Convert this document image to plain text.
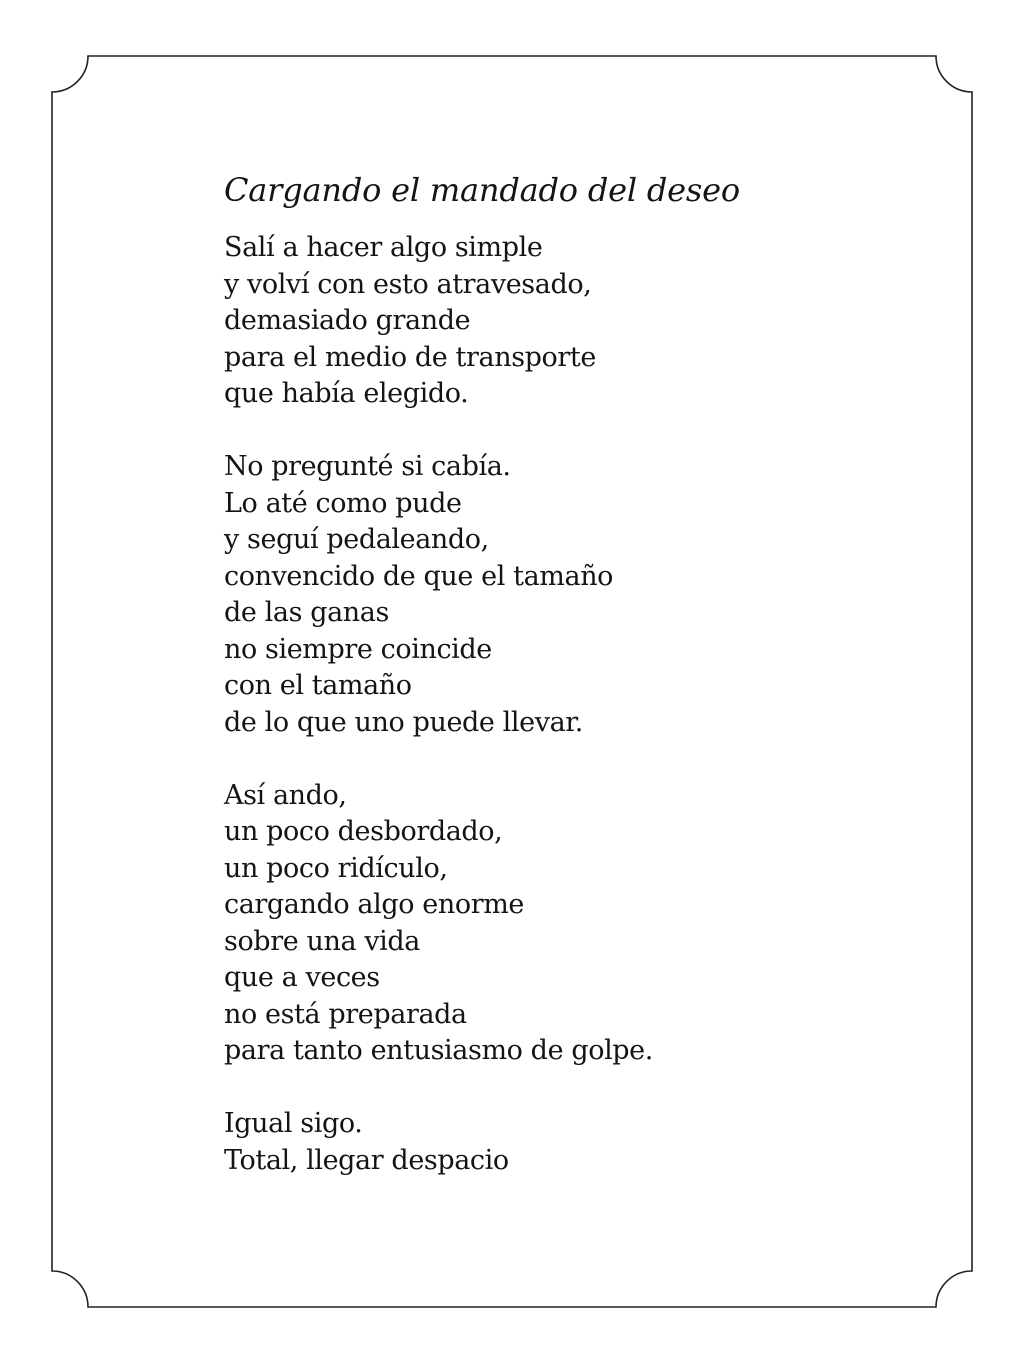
Cargando el mandado del deseo
Salí a hacer algo simple
y volví con esto atravesado,
demasiado grande
para el medio de transporte
que había elegido.
No pregunté si cabía.
Lo até como pude
y seguí pedaleando,
convencido de que el tamaño
de las ganas
no siempre coincide
con el tamaño
de lo que uno puede llevar.
Así ando,
un poco desbordado,
un poco ridículo,
cargando algo enorme
sobre una vida
que a veces
no está preparada
para tanto entusiasmo de golpe.
Igual sigo.
Total, llegar despacio
